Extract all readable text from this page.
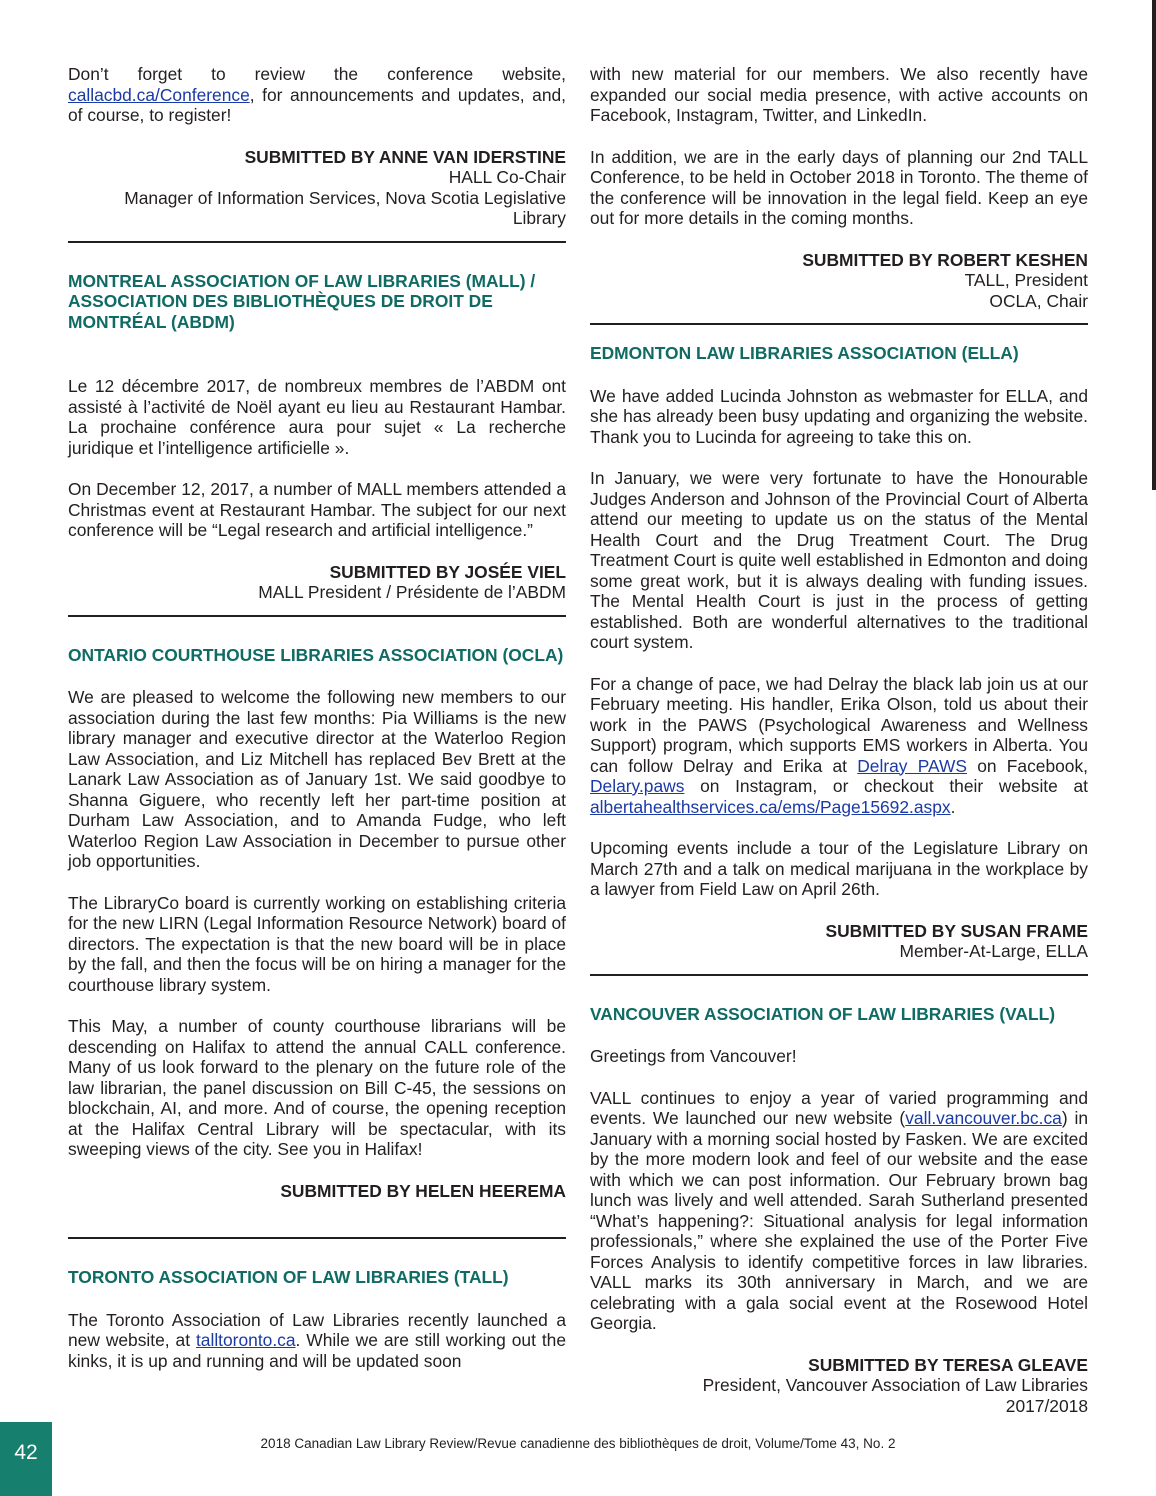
Don’t forget to review the conference website, callacbd.ca/Conference, for announcements and updates, and, of course, to register!

SUBMITTED BY ANNE VAN IDERSTINE
HALL Co-Chair
Manager of Information Services, Nova Scotia Legislative Library
MONTREAL ASSOCIATION OF LAW LIBRARIES (MALL) / ASSOCIATION DES BIBLIOTHÈQUES DE DROIT DE MONTRÉAL (ABDM)

Le 12 décembre 2017, de nombreux membres de l’ABDM ont assisté à l’activité de Noël ayant eu lieu au Restaurant Hambar. La prochaine conférence aura pour sujet « La recherche juridique et l’intelligence artificielle ».

On December 12, 2017, a number of MALL members attended a Christmas event at Restaurant Hambar. The subject for our next conference will be “Legal research and artificial intelligence.”

SUBMITTED BY JOSÉE VIEL
MALL President / Présidente de l’ABDM
ONTARIO COURTHOUSE LIBRARIES ASSOCIATION (OCLA)

We are pleased to welcome the following new members to our association during the last few months: Pia Williams is the new library manager and executive director at the Waterloo Region Law Association, and Liz Mitchell has replaced Bev Brett at the Lanark Law Association as of January 1st. We said goodbye to Shanna Giguere, who recently left her part-time position at Durham Law Association, and to Amanda Fudge, who left Waterloo Region Law Association in December to pursue other job opportunities.

The LibraryCo board is currently working on establishing criteria for the new LIRN (Legal Information Resource Network) board of directors. The expectation is that the new board will be in place by the fall, and then the focus will be on hiring a manager for the courthouse library system.

This May, a number of county courthouse librarians will be descending on Halifax to attend the annual CALL conference. Many of us look forward to the plenary on the future role of the law librarian, the panel discussion on Bill C-45, the sessions on blockchain, AI, and more. And of course, the opening reception at the Halifax Central Library will be spectacular, with its sweeping views of the city. See you in Halifax!

SUBMITTED BY HELEN HEEREMA
TORONTO ASSOCIATION OF LAW LIBRARIES (TALL)

The Toronto Association of Law Libraries recently launched a new website, at talltoronto.ca. While we are still working out the kinks, it is up and running and will be updated soon

with new material for our members. We also recently have expanded our social media presence, with active accounts on Facebook, Instagram, Twitter, and LinkedIn.

In addition, we are in the early days of planning our 2nd TALL Conference, to be held in October 2018 in Toronto. The theme of the conference will be innovation in the legal field. Keep an eye out for more details in the coming months.

SUBMITTED BY ROBERT KESHEN
TALL, President
OCLA, Chair
EDMONTON LAW LIBRARIES ASSOCIATION (ELLA)

We have added Lucinda Johnston as webmaster for ELLA, and she has already been busy updating and organizing the website. Thank you to Lucinda for agreeing to take this on.

In January, we were very fortunate to have the Honourable Judges Anderson and Johnson of the Provincial Court of Alberta attend our meeting to update us on the status of the Mental Health Court and the Drug Treatment Court. The Drug Treatment Court is quite well established in Edmonton and doing some great work, but it is always dealing with funding issues. The Mental Health Court is just in the process of getting established. Both are wonderful alternatives to the traditional court system.

For a change of pace, we had Delray the black lab join us at our February meeting. His handler, Erika Olson, told us about their work in the PAWS (Psychological Awareness and Wellness Support) program, which supports EMS workers in Alberta. You can follow Delray and Erika at Delray PAWS on Facebook, Delary.paws on Instagram, or checkout their website at albertahealthservices.ca/ems/Page15692.aspx.

Upcoming events include a tour of the Legislature Library on March 27th and a talk on medical marijuana in the workplace by a lawyer from Field Law on April 26th.

SUBMITTED BY SUSAN FRAME
Member-At-Large, ELLA
VANCOUVER ASSOCIATION OF LAW LIBRARIES (VALL)

Greetings from Vancouver!

VALL continues to enjoy a year of varied programming and events. We launched our new website (vall.vancouver.bc.ca) in January with a morning social hosted by Fasken. We are excited by the more modern look and feel of our website and the ease with which we can post information. Our February brown bag lunch was lively and well attended. Sarah Sutherland presented “What’s happening?: Situational analysis for legal information professionals,” where she explained the use of the Porter Five Forces Analysis to identify competitive forces in law libraries. VALL marks its 30th anniversary in March, and we are celebrating with a gala social event at the Rosewood Hotel Georgia.

SUBMITTED BY TERESA GLEAVE
President, Vancouver Association of Law Libraries
2017/2018
42	2018 Canadian Law Library Review/Revue canadienne des bibliothèques de droit, Volume/Tome 43, No. 2
